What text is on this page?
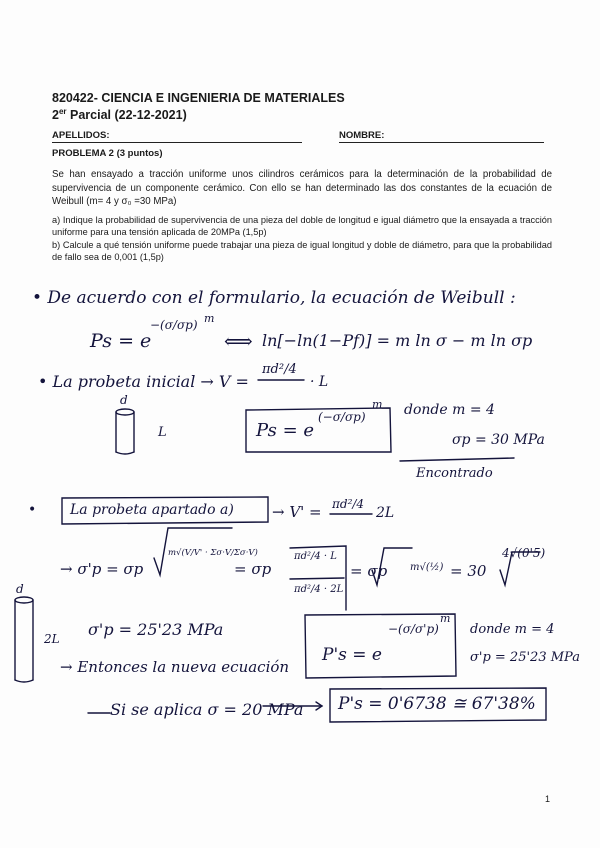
820422- CIENCIA E INGENIERIA DE MATERIALES
2er Parcial (22-12-2021)
APELLIDOS:	NOMBRE:
PROBLEMA 2 (3 puntos)
Se han ensayado a tracción uniforme unos cilindros cerámicos para la determinación de la probabilidad de supervivencia de un componente cerámico. Con ello se han determinado las dos constantes de la ecuación de Weibull (m= 4 y σ₀ =30 MPa)
a) Indique la probabilidad de supervivencia de una pieza del doble de longitud e igual diámetro que la ensayada a tracción uniforme para una tensión aplicada de 20MPa (1,5p)
b) Calcule a qué tensión uniforme puede trabajar una pieza de igual longitud y doble de diámetro, para que la probabilidad de fallo sea de 0,001 (1,5p)
• De acuerdo con el formulario, la ecuación de Weibull :
Ps = e
−(σ/σp) m
⟺ ln[−ln(1−Pf)] = m ln σ − m ln σp
• La probeta inicial → V =
πd²/4
· L
d
L	Ps = e
(−σ/σp)
m donde m = 4
σp = 30 MPa
Encontrado
• La probeta apartado a)	→ V' = πd²/4
2L
→ σ'p = σp
m√(V/V' · Σσ·V/Σσ·V)
= σp
πd²/4 · L
πd²/4 · 2L
= σp m√(½) = 30
4√(0'5)
d
2L σ'p = 25'23 MPa
P's = e
−(σ/σ'p)
m
donde m = 4
σ'p = 25'23 MPa
→ Entonces la nueva ecuación
Si se aplica σ = 20 MPa P's = 0'6738 ≅ 67'38%
1
